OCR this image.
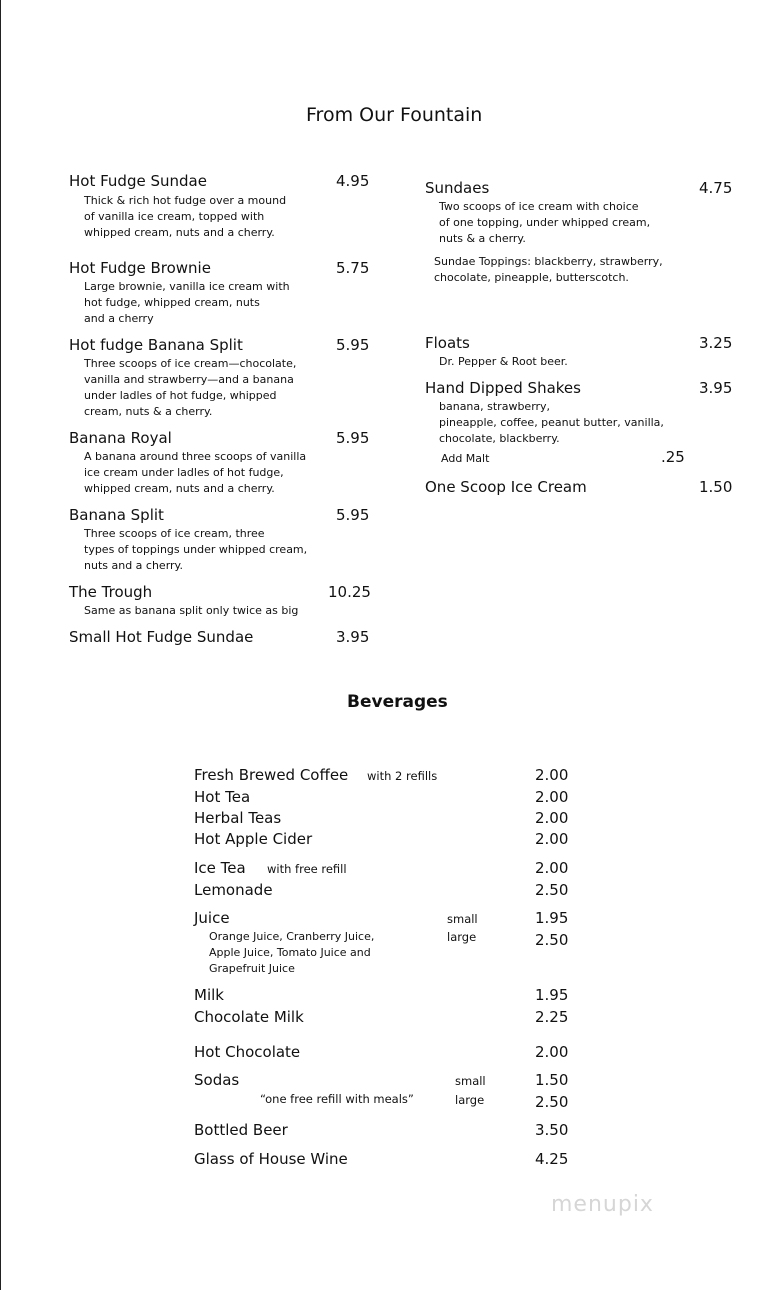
From Our Fountain
Hot Fudge Sundae	4.95
Thick & rich hot fudge over a mound
of vanilla ice cream, topped with
whipped cream, nuts and a cherry.
Hot Fudge Brownie	5.75
Large brownie, vanilla ice cream with
hot fudge, whipped cream, nuts
and a cherry
Hot fudge Banana Split	5.95
Three scoops of ice cream—chocolate,
vanilla and strawberry—and a banana
under ladles of hot fudge, whipped
cream, nuts & a cherry.
Banana Royal	5.95
A banana around three scoops of vanilla
ice cream under ladles of hot fudge,
whipped cream, nuts and a cherry.
Banana Split	5.95
Three scoops of ice cream, three
types of toppings under whipped cream,
nuts and a cherry.
The Trough	10.25
Same as banana split only twice as big
Small Hot Fudge Sundae	3.95
Sundaes	4.75
Two scoops of ice cream with choice
of one topping, under whipped cream,
nuts & a cherry.
Sundae Toppings: blackberry, strawberry,
chocolate, pineapple, butterscotch.
Floats	3.25
Dr. Pepper & Root beer.
Hand Dipped Shakes	3.95
banana, strawberry,
pineapple, coffee, peanut butter, vanilla,
chocolate, blackberry.
Add Malt	.25
One Scoop Ice Cream	1.50
Beverages
Fresh Brewed Coffee with 2 refills	2.00
Hot Tea	2.00
Herbal Teas	2.00
Hot Apple Cider	2.00
Ice Tea with free refill	2.00
Lemonade	2.50
Juice	small	1.95
large	2.50
Orange Juice, Cranberry Juice,
Apple Juice, Tomato Juice and
Grapefruit Juice
Milk	1.95
Chocolate Milk	2.25
Hot Chocolate	2.00
Sodas	small	1.50
“one free refill with meals”	large	2.50
Bottled Beer	3.50
Glass of House Wine	4.25
menupix
